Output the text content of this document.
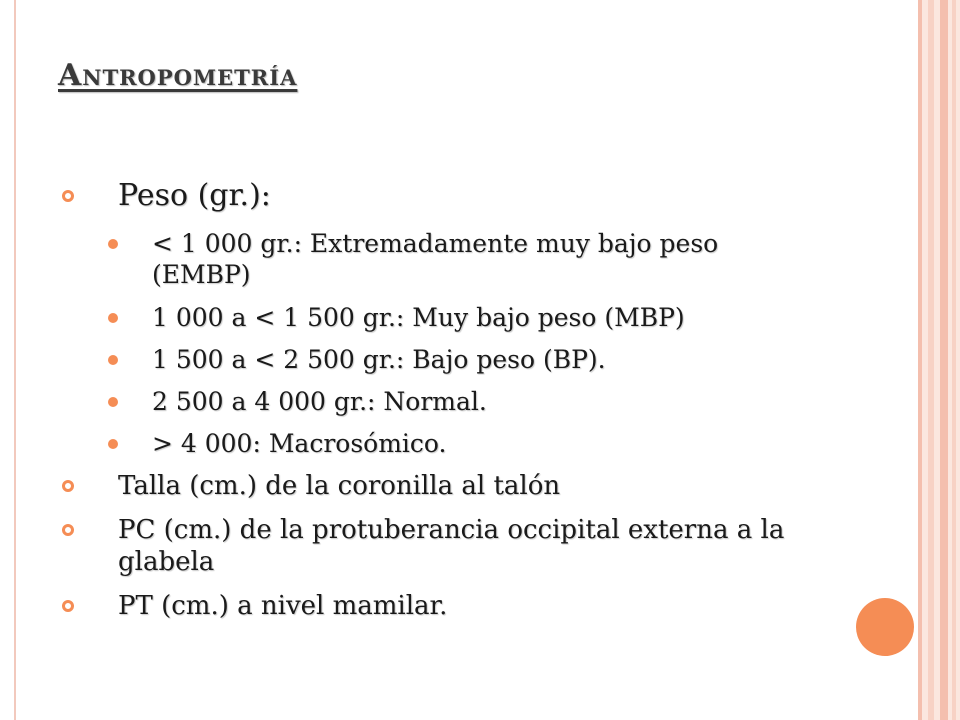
Antropometría

Peso (gr.):

< 1 000 gr.: Extremadamente muy bajo peso (EMBP)

1 000 a < 1 500 gr.: Muy bajo peso (MBP)

1 500 a < 2 500 gr.: Bajo peso (BP).

2 500 a 4 000 gr.: Normal.

> 4 000: Macrosómico.

Talla (cm.) de la coronilla al talón

PC (cm.) de la protuberancia occipital externa a la glabela

PT (cm.) a nivel mamilar.
